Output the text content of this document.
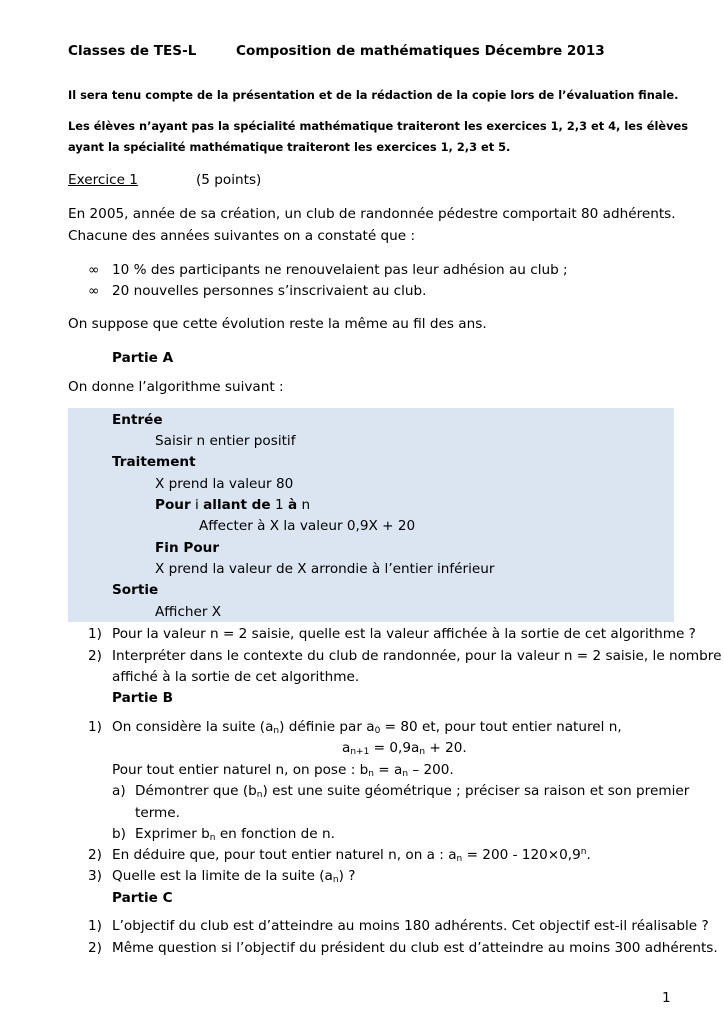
Classes de TES-L	Composition de mathématiques Décembre 2013
Il sera tenu compte de la présentation et de la rédaction de la copie lors de l’évaluation finale.
Les élèves n’ayant pas la spécialité mathématique traiteront les exercices 1, 2,3 et 4, les élèves
ayant la spécialité mathématique traiteront les exercices 1, 2,3 et 5.
Exercice 1	(5 points)
En 2005, année de sa création, un club de randonnée pédestre comportait 80 adhérents.
Chacune des années suivantes on a constaté que :
∞ 10 % des participants ne renouvelaient pas leur adhésion au club ;
∞ 20 nouvelles personnes s’inscrivaient au club.
On suppose que cette évolution reste la même au fil des ans.
Partie A
On donne l’algorithme suivant :
Entrée
Saisir n entier positif
Traitement
X prend la valeur 80
Pour i allant de 1 à n
Affecter à X la valeur 0,9X + 20
Fin Pour
X prend la valeur de X arrondie à l’entier inférieur
Sortie
Afficher X
1) Pour la valeur n = 2 saisie, quelle est la valeur affichée à la sortie de cet algorithme ?
2) Interpréter dans le contexte du club de randonnée, pour la valeur n = 2 saisie, le nombre
affiché à la sortie de cet algorithme.
Partie B
1) On considère la suite $(a_n)$ définie par $a_0 = 80$ et, pour tout entier naturel n,
$a_{n+1} = 0,9a_n + 20$.
Pour tout entier naturel n, on pose : $b_n = a_n - 200$.
a) Démontrer que $(b_n)$ est une suite géométrique ; préciser sa raison et son premier
terme.
b) Exprimer $b_n$ en fonction de n.
2) En déduire que, pour tout entier naturel n, on a : $a_n = 200 - 120\times 0,9^n$.
3) Quelle est la limite de la suite $(a_n)$ ?
Partie C
1) L’objectif du club est d’atteindre au moins 180 adhérents. Cet objectif est-il réalisable ?
2) Même question si l’objectif du président du club est d’atteindre au moins 300 adhérents.
1
